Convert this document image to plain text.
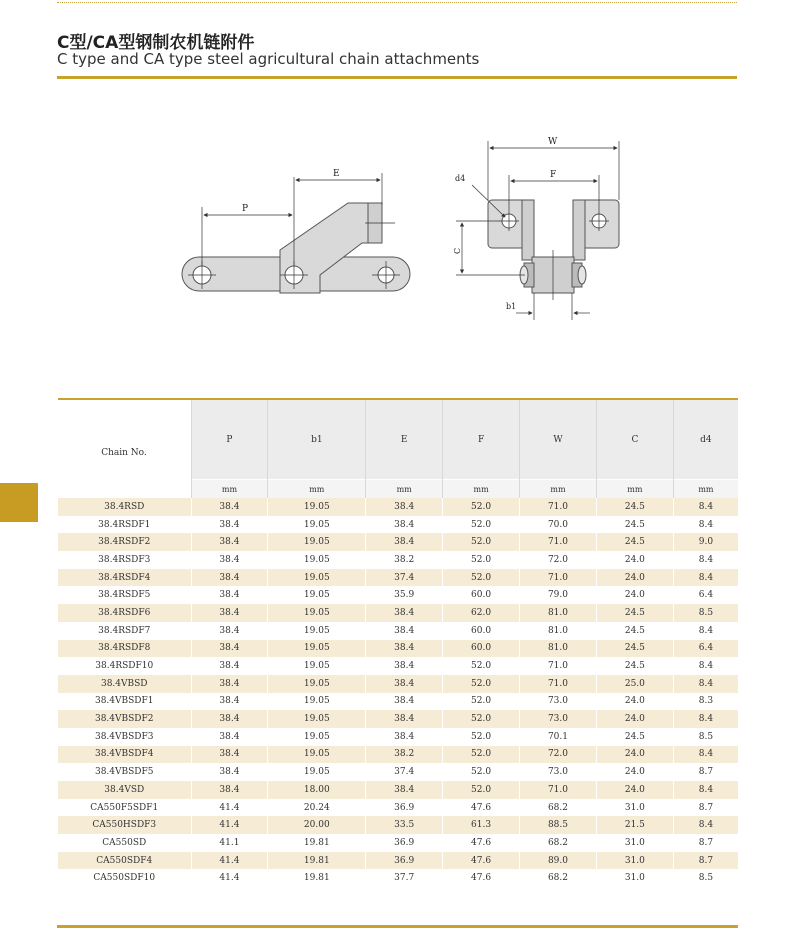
C型/CA型钢制农机链附件
C type and CA type steel agricultural chain attachments
P
E
W
F
d4
C
b1
Chain No.	P	b1	E	F	W	C	d4
	mm	mm	mm	mm	mm	mm	mm
38.4RSD	38.4	19.05	38.4	52.0	71.0	24.5	8.4
38.4RSDF1	38.4	19.05	38.4	52.0	70.0	24.5	8.4
38.4RSDF2	38.4	19.05	38.4	52.0	71.0	24.5	9.0
38.4RSDF3	38.4	19.05	38.2	52.0	72.0	24.0	8.4
38.4RSDF4	38.4	19.05	37.4	52.0	71.0	24.0	8.4
38.4RSDF5	38.4	19.05	35.9	60.0	79.0	24.0	6.4
38.4RSDF6	38.4	19.05	38.4	62.0	81.0	24.5	8.5
38.4RSDF7	38.4	19.05	38.4	60.0	81.0	24.5	8.4
38.4RSDF8	38.4	19.05	38.4	60.0	81.0	24.5	6.4
38.4RSDF10	38.4	19.05	38.4	52.0	71.0	24.5	8.4
38.4VBSD	38.4	19.05	38.4	52.0	71.0	25.0	8.4
38.4VBSDF1	38.4	19.05	38.4	52.0	73.0	24.0	8.3
38.4VBSDF2	38.4	19.05	38.4	52.0	73.0	24.0	8.4
38.4VBSDF3	38.4	19.05	38.4	52.0	70.1	24.5	8.5
38.4VBSDF4	38.4	19.05	38.2	52.0	72.0	24.0	8.4
38.4VBSDF5	38.4	19.05	37.4	52.0	73.0	24.0	8.7
38.4VSD	38.4	18.00	38.4	52.0	71.0	24.0	8.4
CA550F5SDF1	41.4	20.24	36.9	47.6	68.2	31.0	8.7
CA550HSDF3	41.4	20.00	33.5	61.3	88.5	21.5	8.4
CA550SD	41.1	19.81	36.9	47.6	68.2	31.0	8.7
CA550SDF4	41.4	19.81	36.9	47.6	89.0	31.0	8.7
CA550SDF10	41.4	19.81	37.7	47.6	68.2	31.0	8.5
